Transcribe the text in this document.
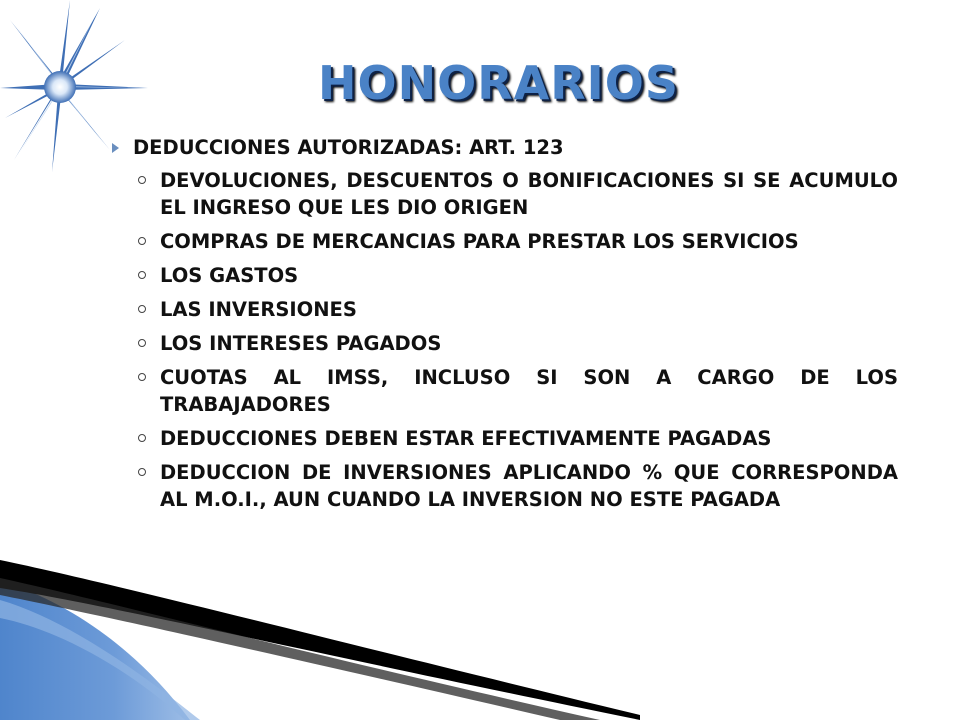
HONORARIOS
DEDUCCIONES AUTORIZADAS: ART. 123
DEVOLUCIONES, DESCUENTOS O BONIFICACIONES SI SE ACUMULO EL INGRESO QUE LES DIO ORIGEN
COMPRAS DE MERCANCIAS PARA PRESTAR LOS SERVICIOS
LOS GASTOS
LAS INVERSIONES
LOS INTERESES PAGADOS
CUOTAS AL IMSS, INCLUSO SI SON A CARGO DE LOS TRABAJADORES
DEDUCCIONES DEBEN ESTAR EFECTIVAMENTE PAGADAS
DEDUCCION DE INVERSIONES APLICANDO % QUE CORRESPONDA AL M.O.I., AUN CUANDO LA INVERSION NO ESTE PAGADA
